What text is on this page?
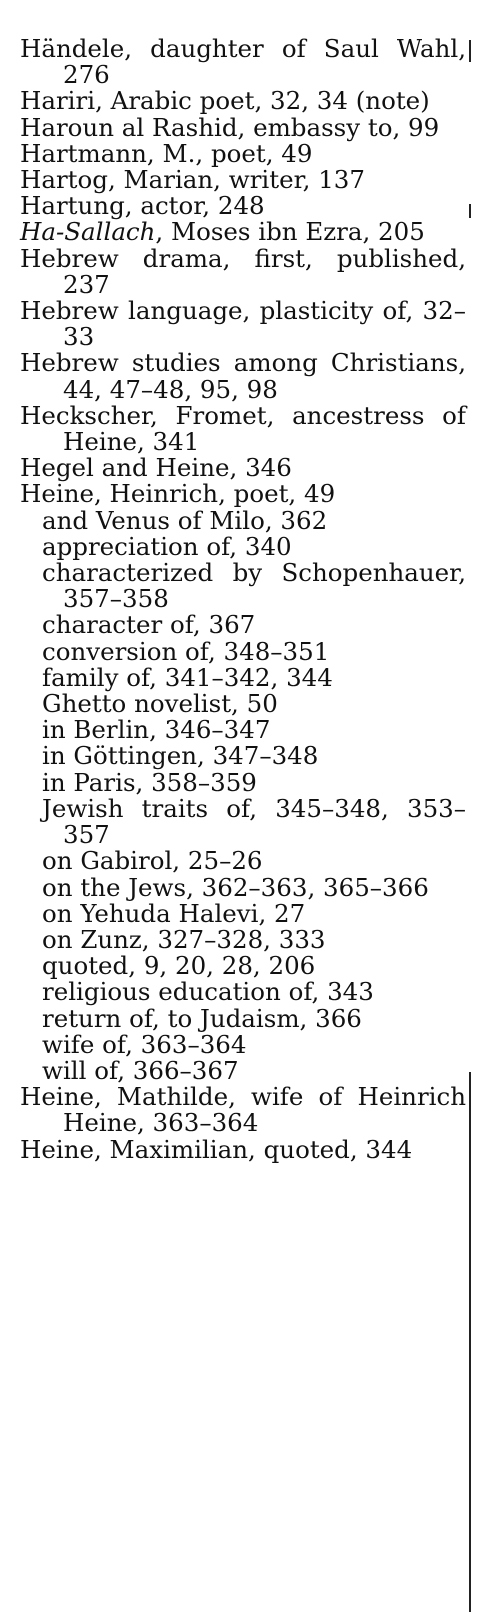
Händele, daughter of Saul Wahl, 276

Hariri, Arabic poet, 32, 34 (note)

Haroun al Rashid, embassy to, 99

Hartmann, M., poet, 49

Hartog, Marian, writer, 137

Hartung, actor, 248

Ha-Sallach, Moses ibn Ezra, 205

Hebrew drama, first, published, 237

Hebrew language, plasticity of, 32–33

Hebrew studies among Christians, 44, 47–48, 95, 98

Heckscher, Fromet, ancestress of Heine, 341

Hegel and Heine, 346

Heine, Heinrich, poet, 49

and Venus of Milo, 362

appreciation of, 340

characterized by Schopenhauer, 357–358

character of, 367

conversion of, 348–351

family of, 341–342, 344

Ghetto novelist, 50

in Berlin, 346–347

in Göttingen, 347–348

in Paris, 358–359

Jewish traits of, 345–348, 353–357

on Gabirol, 25–26

on the Jews, 362–363, 365–366

on Yehuda Halevi, 27

on Zunz, 327–328, 333

quoted, 9, 20, 28, 206

religious education of, 343

return of, to Judaism, 366

wife of, 363–364

will of, 366–367

Heine, Mathilde, wife of Heinrich Heine, 363–364

Heine, Maximilian, quoted, 344
